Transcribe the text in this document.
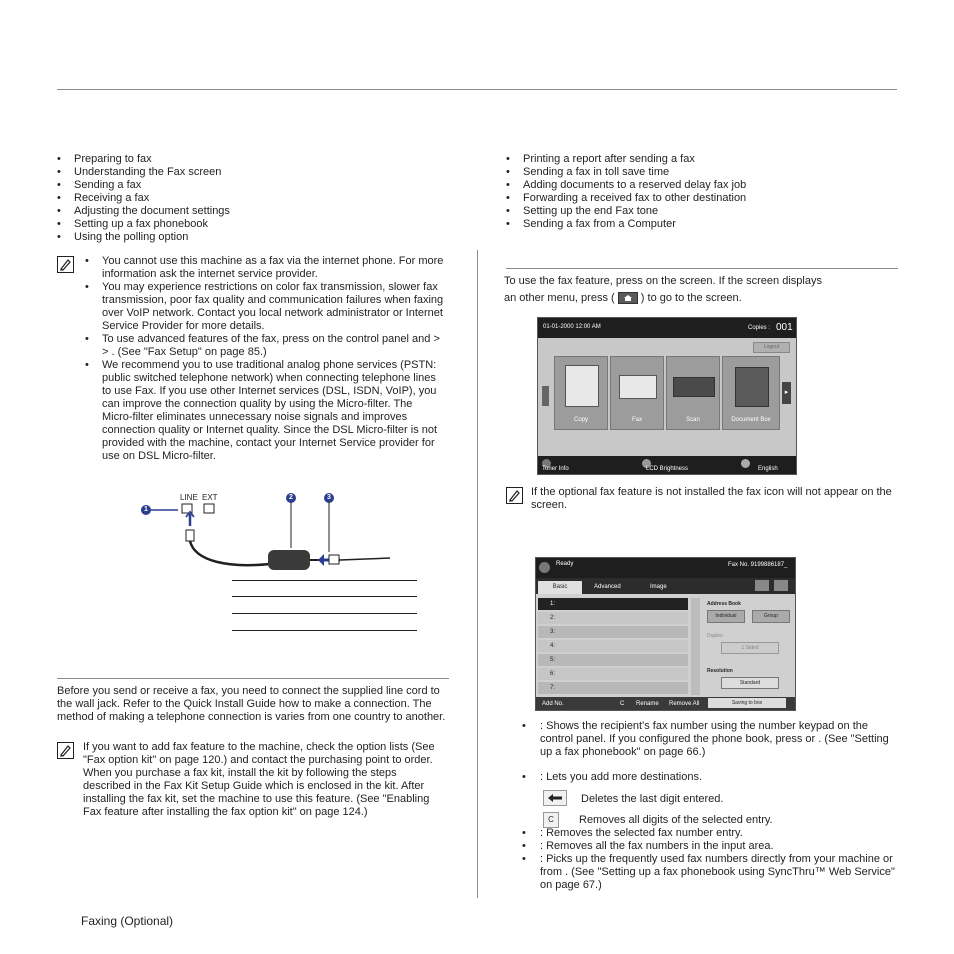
• Preparing to fax
• Understanding the Fax screen
• Sending a fax
• Receiving a fax
• Adjusting the document settings
• Setting up a fax phonebook
• Using the polling option
• Printing a report after sending a fax
• Sending a fax in toll save time
• Adding documents to a reserved delay fax job
• Forwarding a received fax to other destination
• Setting up the end Fax tone
• Sending a fax from a Computer
• You cannot use this machine as a fax via the internet phone. For more information ask the internet service provider.
• You may experience restrictions on color fax transmission, slower fax transmission, poor fax quality and communication failures when faxing over VoIP network. Contact you local network administrator or Internet Service Provider for more details.
• To use advanced features of the fax, press on the control panel and > > . (See "Fax Setup" on page 85.)
• We recommend you to use traditional analog phone services (PSTN: public switched telephone network) when connecting telephone lines to use Fax. If you use other Internet services (DSL, ISDN, VoIP), you can improve the connection quality by using the Micro-filter. The Micro-filter eliminates unnecessary noise signals and improves connection quality or Internet quality. Since the DSL Micro-filter is not provided with the machine, contact your Internet Service provider for use on DSL Micro-filter.
LINE EXT
1
2	3

Before you send or receive a fax, you need to connect the supplied line cord to the wall jack. Refer to the Quick Install Guide how to make a connection. The method of making a telephone connection is varies from one country to another.

If you want to add fax feature to the machine, check the option lists (See "Fax option kit" on page 120.) and contact the purchasing point to order. When you purchase a fax kit, install the kit by following the steps described in the Fax Kit Setup Guide which is enclosed in the kit. After installing the fax kit, set the machine to use this feature. (See "Enabling Fax feature after installing the fax option kit" on page 124.)

To use the fax feature, press on the screen. If the screen displays

an other menu, press ( ) to go to the screen.
01-01-2000 12:00 AM	Copies : 001
Logout
▸
Copy	Fax	Scan	Document Box
Toner Info	LCD Brightness	English

If the optional fax feature is not installed the fax icon will not appear on the screen.

Ready	Fax No. 9199886187_
Basic	Advanced	Image
1:
2:
3:
4:
5:
6:
7:
Address Book
Individual	Group
Duplex
1 Sided
Resolution
Standard
Add No.	C Rename Remove All	Saving to box
•	: Shows the recipient's fax number using the number keypad on the control panel. If you configured the phone book, press or . (See "Setting up a fax phonebook" on page 66.)

•	: Lets you add more destinations.

Deletes the last digit entered.

C	Removes all digits of the selected entry.

•	: Removes the selected fax number entry.

•	: Removes all the fax numbers in the input area.

•	: Picks up the frequently used fax numbers directly from your machine or from . (See "Setting up a fax phonebook using SyncThru™ Web Service" on page 67.)

Faxing (Optional)
